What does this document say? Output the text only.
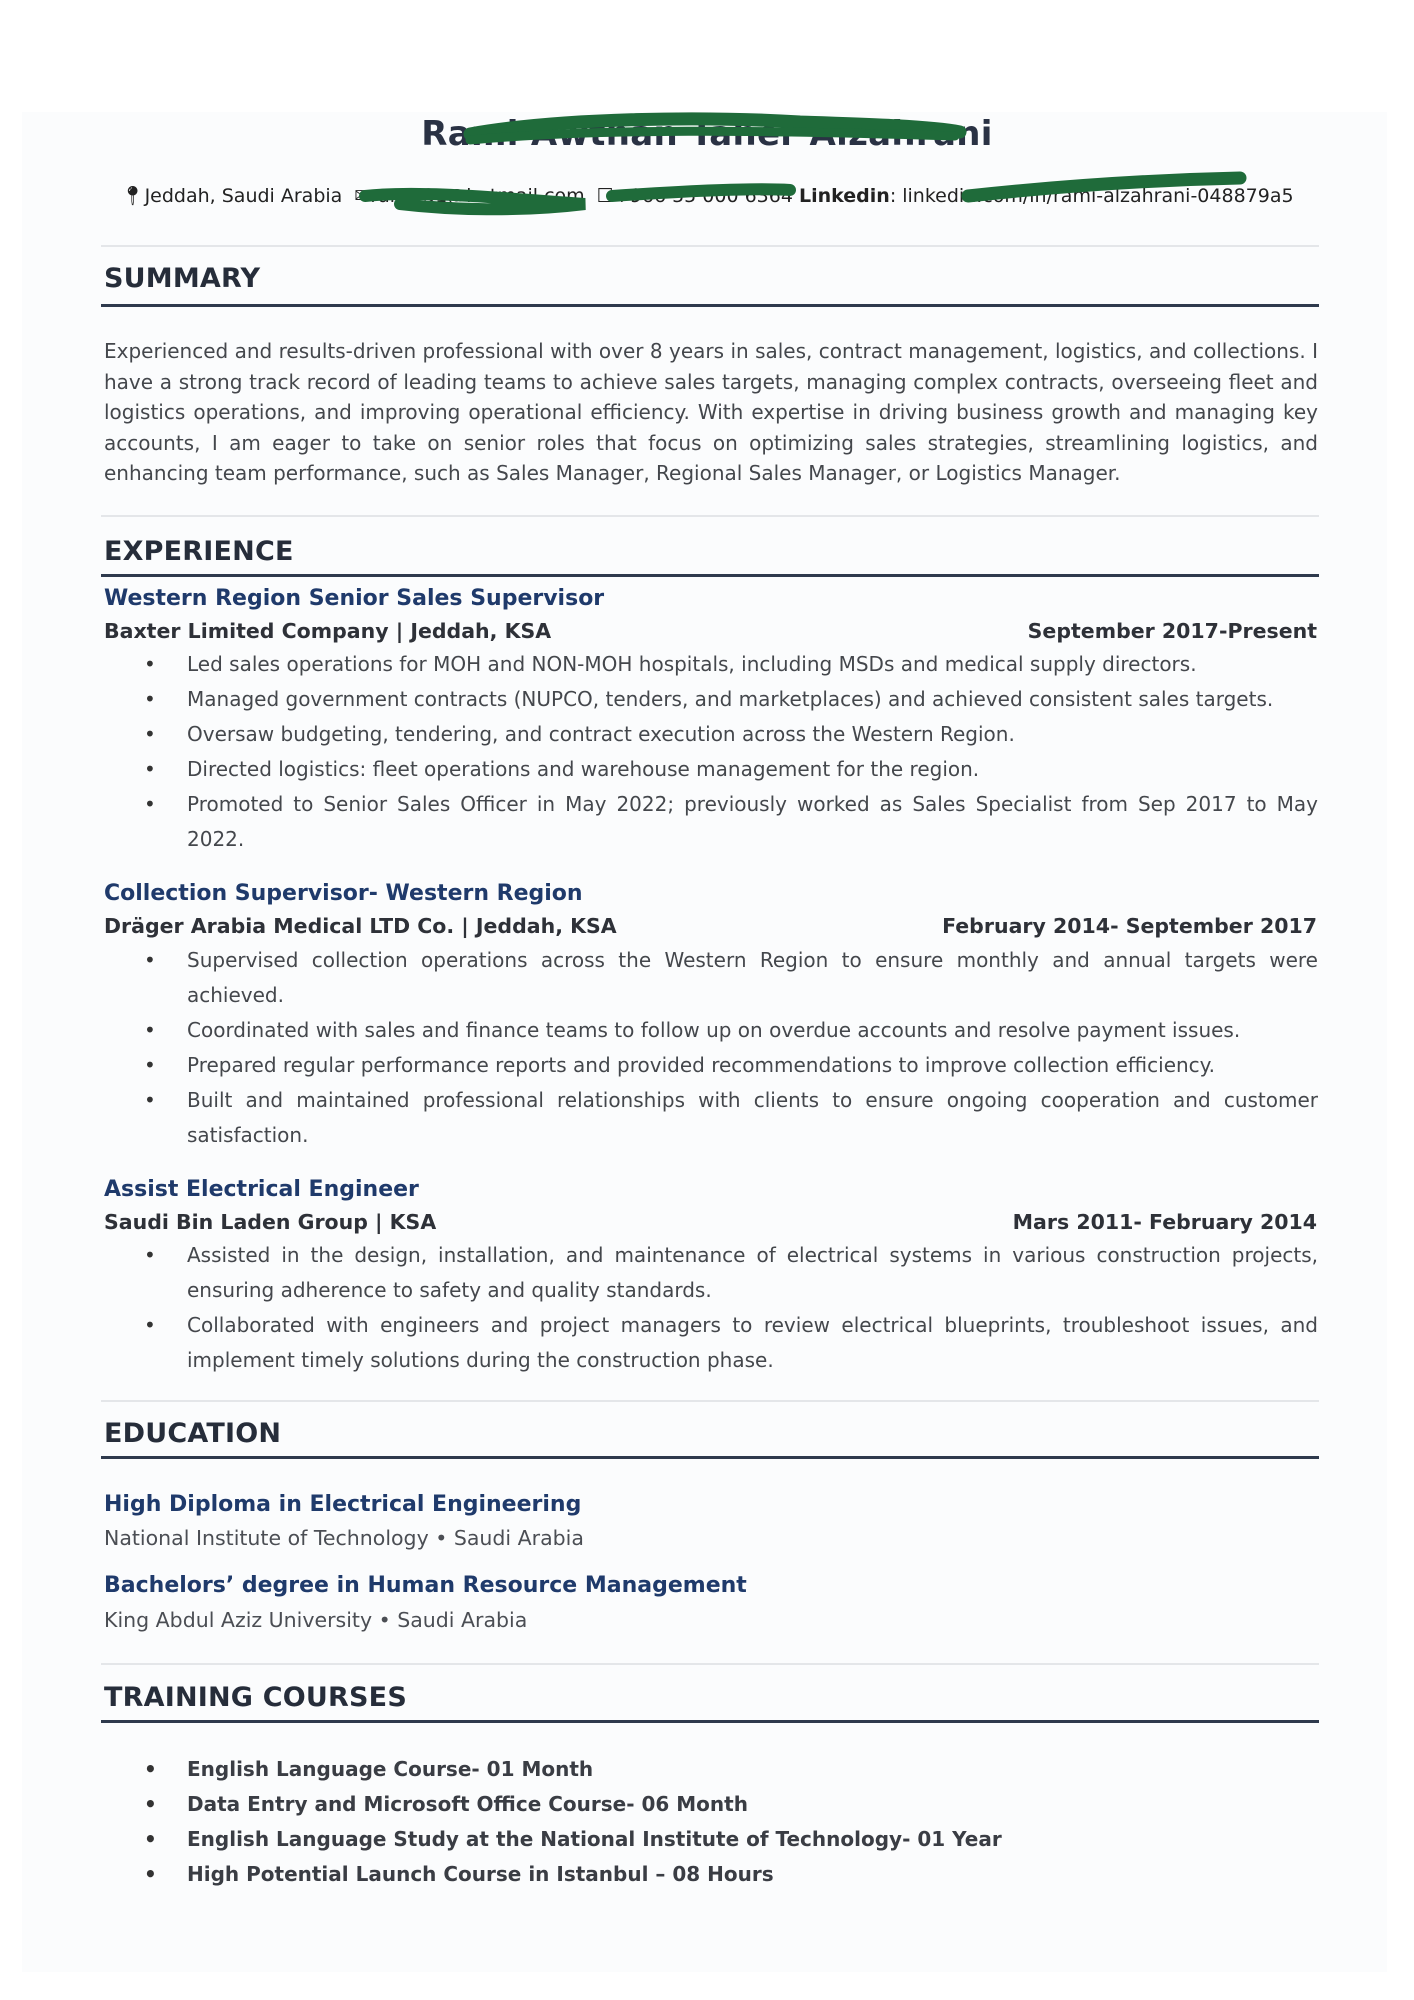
Rami Awthan Taher Alzahrani
📍︎Jeddah, Saudi Arabia ✉rami_31@hotmail.com ☐+966 55 000 6364 Linkedin: linkedin.com/in/rami-alzahrani-048879a5
SUMMARY
Experienced and results-driven professional with over 8 years in sales, contract management, logistics, and collections. I have a strong track record of leading teams to achieve sales targets, managing complex contracts, overseeing fleet and logistics operations, and improving operational efficiency. With expertise in driving business growth and managing key accounts, I am eager to take on senior roles that focus on optimizing sales strategies, streamlining logistics, and enhancing team performance, such as Sales Manager, Regional Sales Manager, or Logistics Manager.
EXPERIENCE
Western Region Senior Sales Supervisor
Baxter Limited Company | Jeddah, KSA	September 2017-Present
• Led sales operations for MOH and NON-MOH hospitals, including MSDs and medical supply directors.
• Managed government contracts (NUPCO, tenders, and marketplaces) and achieved consistent sales targets.
• Oversaw budgeting, tendering, and contract execution across the Western Region.
• Directed logistics: fleet operations and warehouse management for the region.
• Promoted to Senior Sales Officer in May 2022; previously worked as Sales Specialist from Sep 2017 to May 2022.
Collection Supervisor- Western Region
Dräger Arabia Medical LTD Co. | Jeddah, KSA	February 2014- September 2017
• Supervised collection operations across the Western Region to ensure monthly and annual targets were achieved.
• Coordinated with sales and finance teams to follow up on overdue accounts and resolve payment issues.
• Prepared regular performance reports and provided recommendations to improve collection efficiency.
• Built and maintained professional relationships with clients to ensure ongoing cooperation and customer satisfaction.
Assist Electrical Engineer
Saudi Bin Laden Group | KSA	Mars 2011- February 2014
• Assisted in the design, installation, and maintenance of electrical systems in various construction projects, ensuring adherence to safety and quality standards.
• Collaborated with engineers and project managers to review electrical blueprints, troubleshoot issues, and implement timely solutions during the construction phase.
EDUCATION
High Diploma in Electrical Engineering
National Institute of Technology • Saudi Arabia
Bachelors’ degree in Human Resource Management
King Abdul Aziz University • Saudi Arabia
TRAINING COURSES
• English Language Course- 01 Month
• Data Entry and Microsoft Office Course- 06 Month
• English Language Study at the National Institute of Technology- 01 Year
• High Potential Launch Course in Istanbul – 08 Hours
